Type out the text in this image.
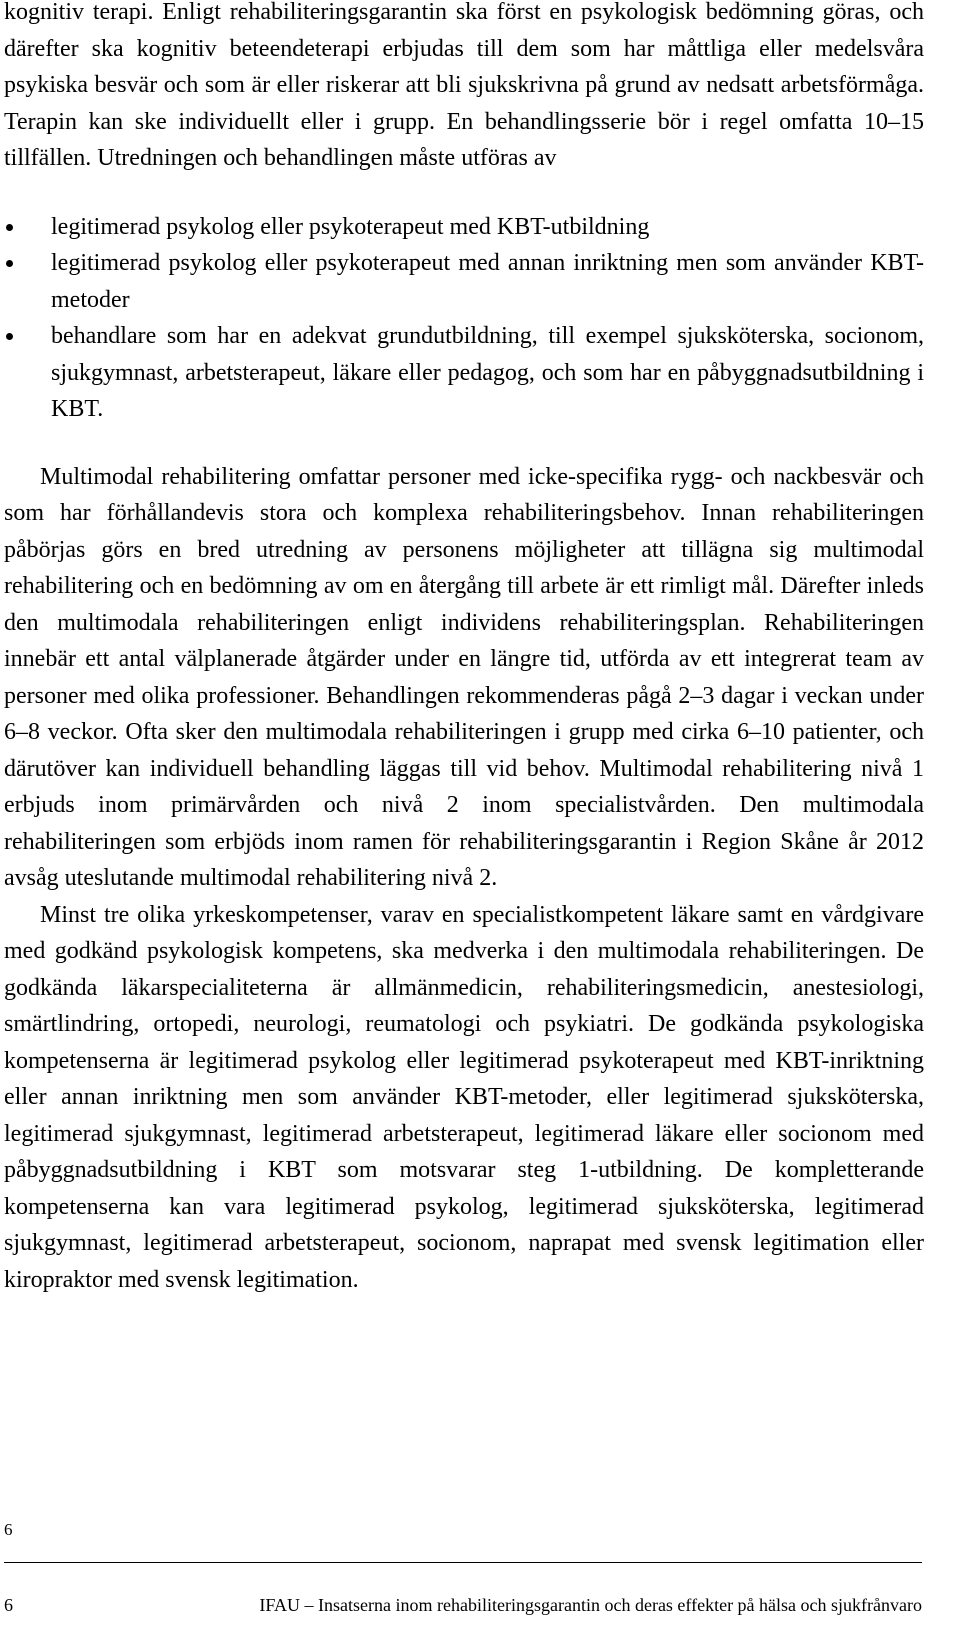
kognitiv terapi. Enligt rehabiliteringsgarantin ska först en psykologisk bedömning göras, och därefter ska kognitiv beteendeterapi erbjudas till dem som har måttliga eller medelsvåra psykiska besvär och som är eller riskerar att bli sjukskrivna på grund av nedsatt arbetsförmåga. Terapin kan ske individuellt eller i grupp. En behandlingsserie bör i regel omfatta 10–15 tillfällen. Utredningen och behandlingen måste utföras av

legitimerad psykolog eller psykoterapeut med KBT-utbildning
legitimerad psykolog eller psykoterapeut med annan inriktning men som använder KBT-metoder
behandlare som har en adekvat grundutbildning, till exempel sjuksköterska, socionom, sjukgymnast, arbetsterapeut, läkare eller pedagog, och som har en påbyggnadsutbildning i KBT.

Multimodal rehabilitering omfattar personer med icke-specifika rygg- och nackbesvär och som har förhållandevis stora och komplexa rehabiliteringsbehov. Innan rehabiliteringen påbörjas görs en bred utredning av personens möjligheter att tillägna sig multimodal rehabilitering och en bedömning av om en återgång till arbete är ett rimligt mål. Därefter inleds den multimodala rehabiliteringen enligt individens rehabiliteringsplan. Rehabiliteringen innebär ett antal välplanerade åtgärder under en längre tid, utförda av ett integrerat team av personer med olika professioner. Behandlingen rekommenderas pågå 2–3 dagar i veckan under 6–8 veckor. Ofta sker den multimodala rehabiliteringen i grupp med cirka 6–10 patienter, och därutöver kan individuell behandling läggas till vid behov. Multimodal rehabilitering nivå 1 erbjuds inom primärvården och nivå 2 inom specialistvården. Den multimodala rehabiliteringen som erbjöds inom ramen för rehabiliteringsgarantin i Region Skåne år 2012 avsåg uteslutande multimodal rehabilitering nivå 2.

Minst tre olika yrkeskompetenser, varav en specialistkompetent läkare samt en vårdgivare med godkänd psykologisk kompetens, ska medverka i den multimodala rehabiliteringen. De godkända läkarspecialiteterna är allmänmedicin, rehabiliteringsmedicin, anestesiologi, smärtlindring, ortopedi, neurologi, reumatologi och psykiatri. De godkända psykologiska kompetenserna är legitimerad psykolog eller legitimerad psykoterapeut med KBT-inriktning eller annan inriktning men som använder KBT-metoder, eller legitimerad sjuksköterska, legitimerad sjukgymnast, legitimerad arbetsterapeut, legitimerad läkare eller socionom med påbyggnadsutbildning i KBT som motsvarar steg 1-utbildning. De kompletterande kompetenserna kan vara legitimerad psykolog, legitimerad sjuksköterska, legitimerad sjukgymnast, legitimerad arbetsterapeut, socionom, naprapat med svensk legitimation eller kiropraktor med svensk legitimation.

6
6	IFAU – Insatserna inom rehabiliteringsgarantin och deras effekter på hälsa och sjukfrånvaro
